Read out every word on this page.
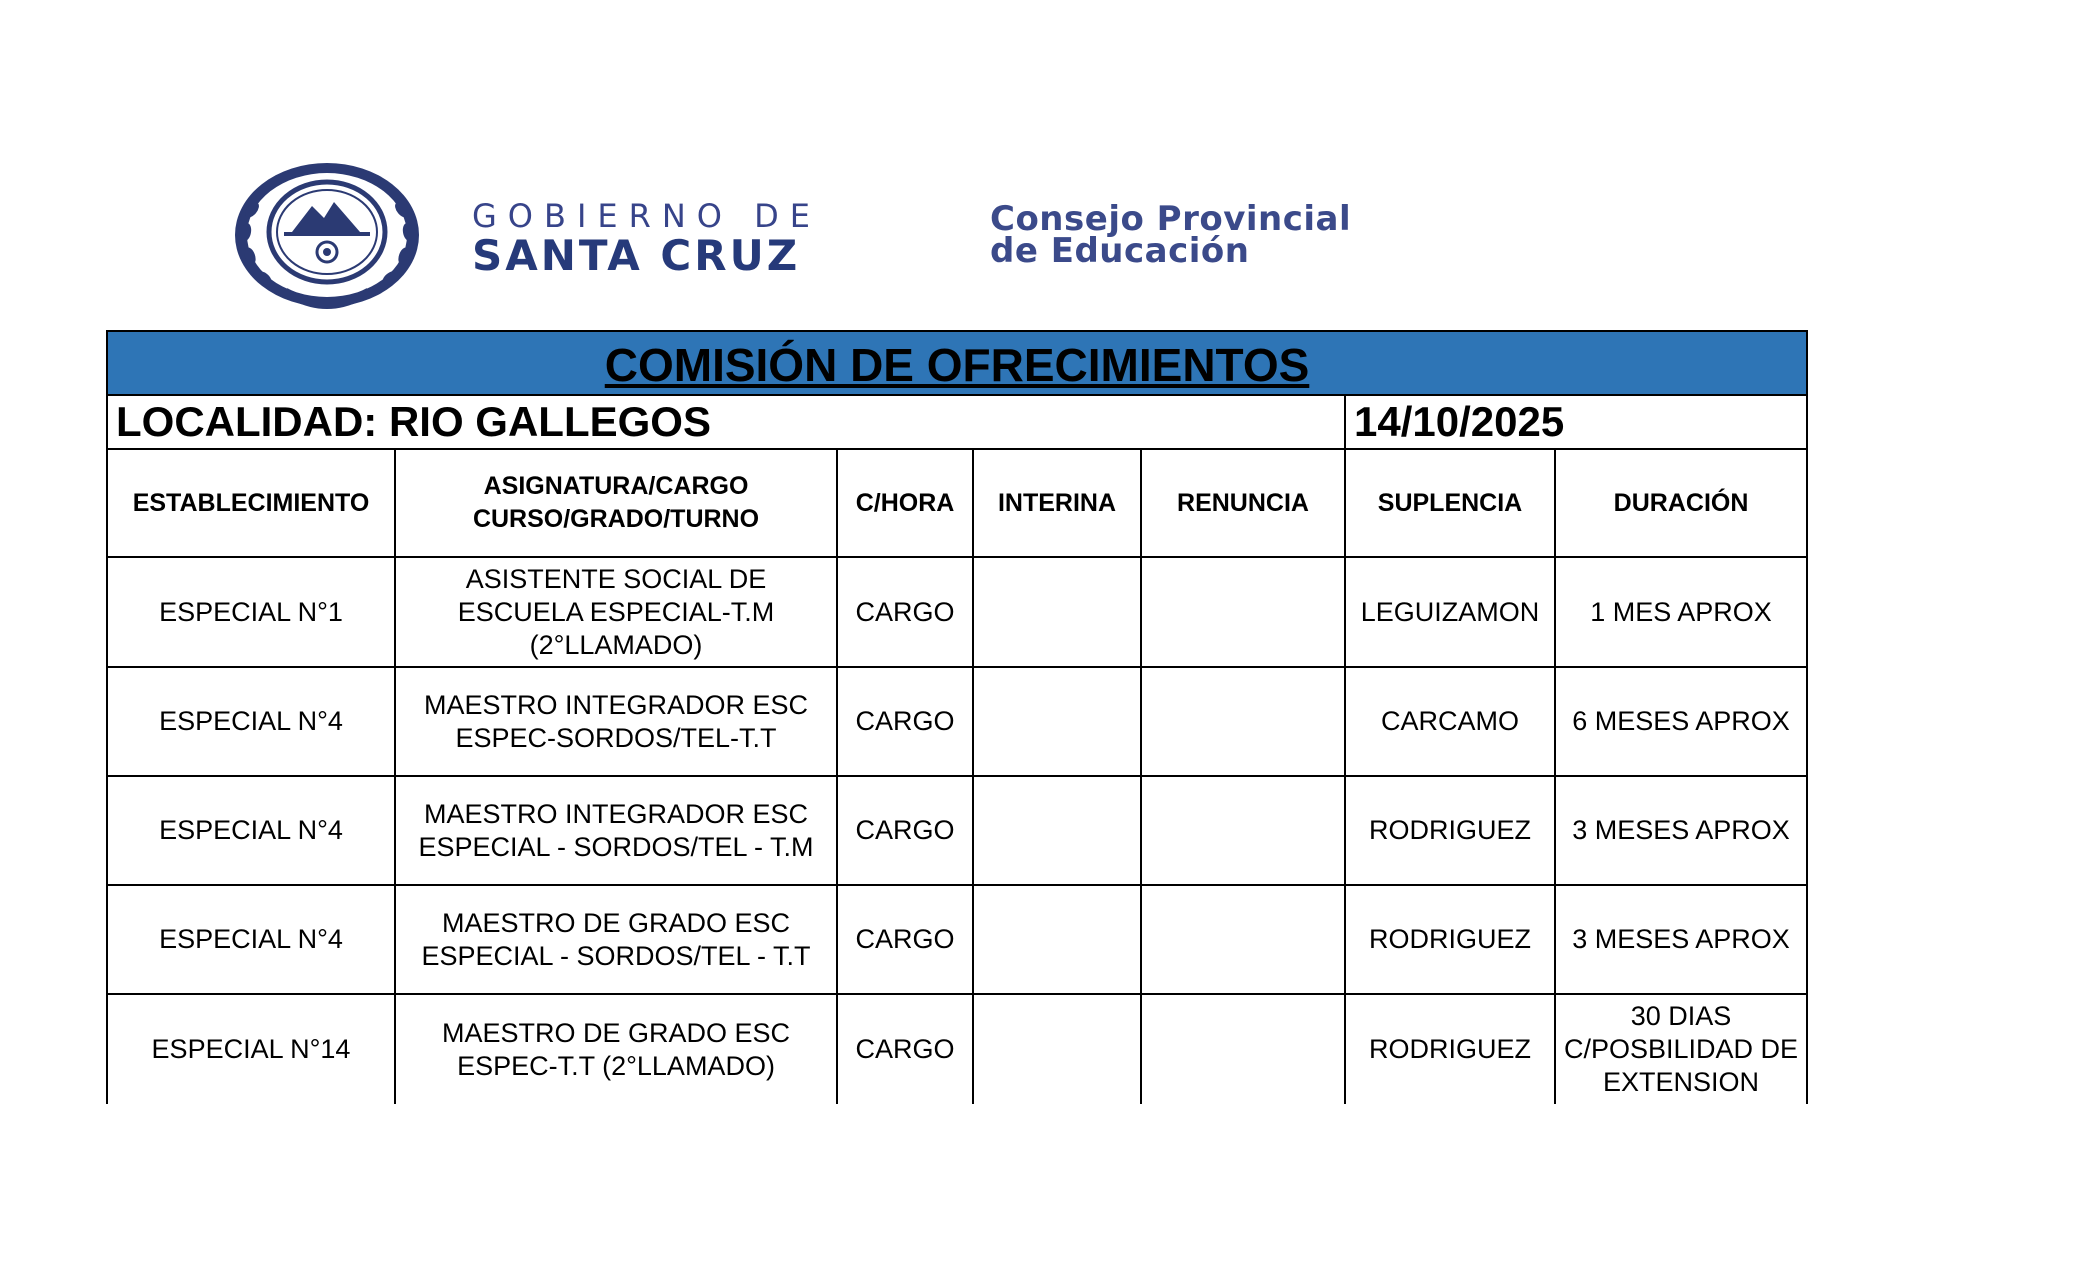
GOBIERNO DE
SANTA CRUZ
Consejo Provincial
de Educación
COMISIÓN DE OFRECIMIENTOS						
LOCALIDAD: RIO GALLEGOS					14/10/2025	
ESTABLECIMIENTO	ASIGNATURA/CARGO CURSO/GRADO/TURNO	C/HORA	INTERINA	RENUNCIA	SUPLENCIA	DURACIÓN
ESPECIAL N°1	ASISTENTE SOCIAL DE ESCUELA ESPECIAL-T.M (2°LLAMADO)	CARGO			LEGUIZAMON	1 MES APROX
ESPECIAL N°4	MAESTRO INTEGRADOR ESC ESPEC-SORDOS/TEL-T.T	CARGO			CARCAMO	6 MESES APROX
ESPECIAL N°4	MAESTRO INTEGRADOR ESC ESPECIAL - SORDOS/TEL - T.M	CARGO			RODRIGUEZ	3 MESES APROX
ESPECIAL N°4	MAESTRO DE GRADO ESC ESPECIAL - SORDOS/TEL - T.T	CARGO			RODRIGUEZ	3 MESES APROX
ESPECIAL N°14	MAESTRO DE GRADO ESC ESPEC-T.T (2°LLAMADO)	CARGO			RODRIGUEZ	30 DIAS C/POSBILIDAD DE EXTENSION
